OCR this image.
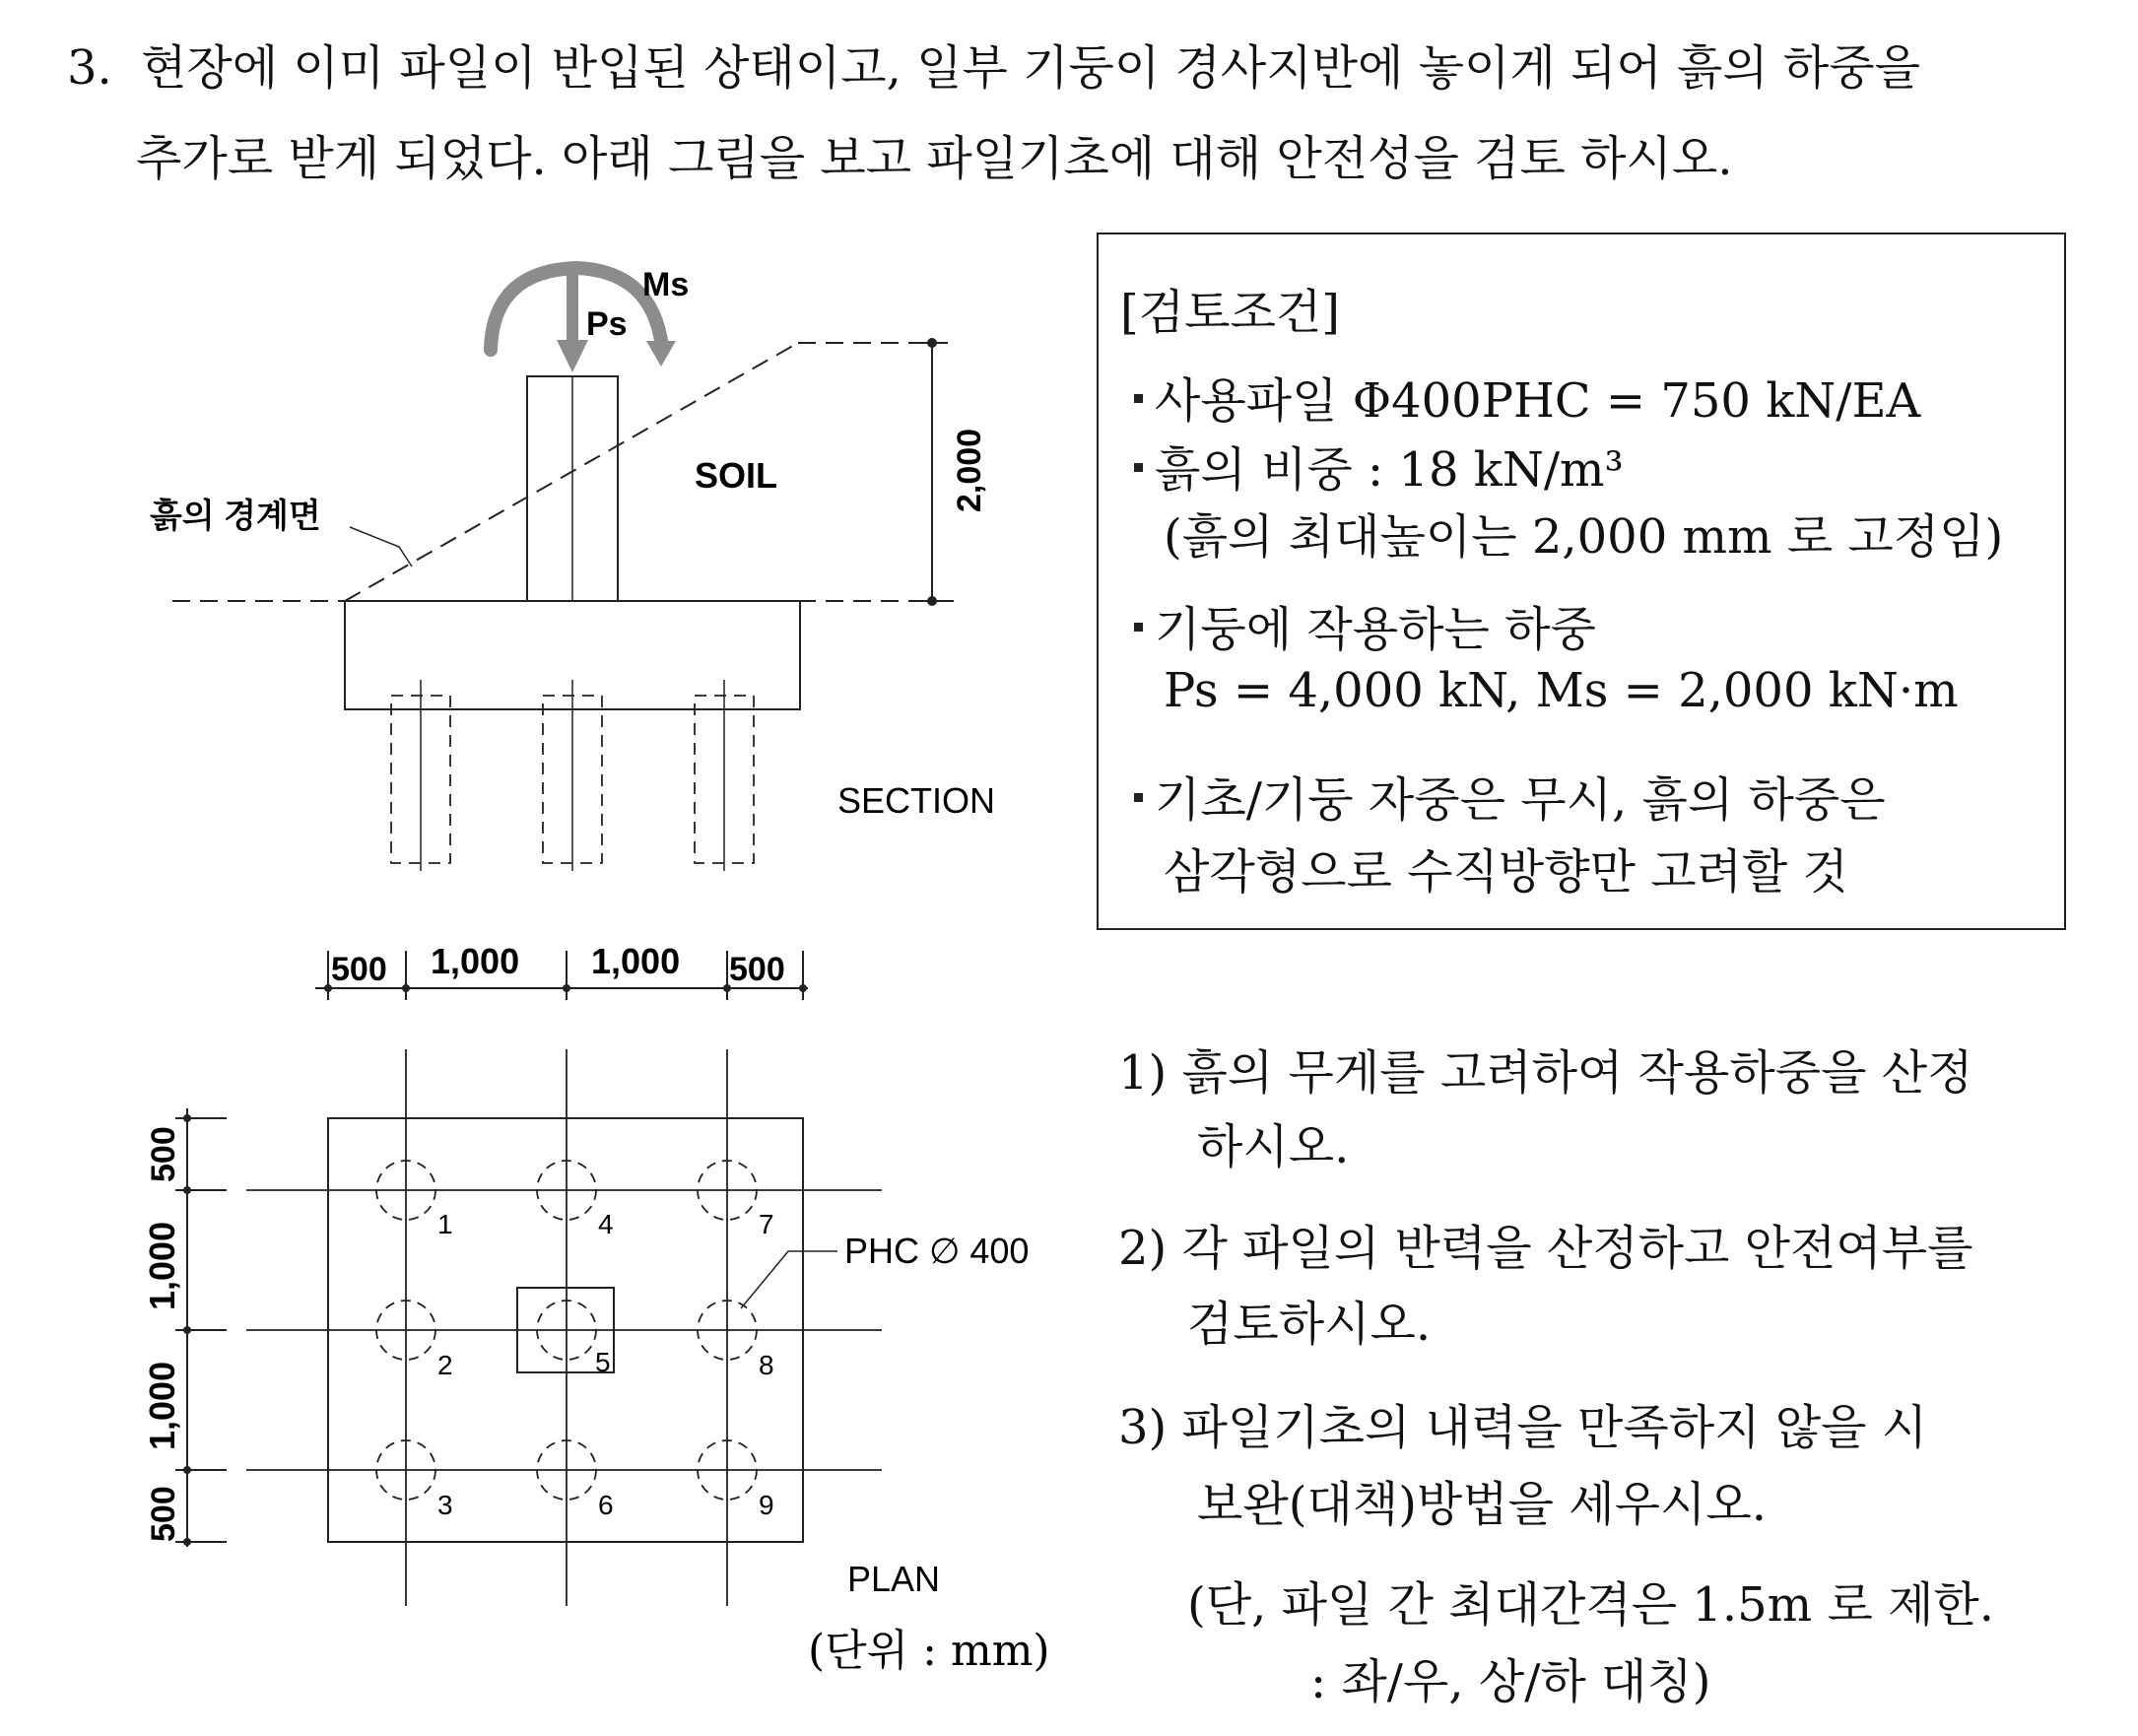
3. 현장에 이미 파일이 반입된 상태이고, 일부 기둥이 경사지반에 놓이게 되어 흙의 하중을
추가로 받게 되었다. 아래 그림을 보고 파일기초에 대해 안전성을 검토 하시오.
Ms
Ps
SOIL
흙의 경계면
2,000
SECTION
500 1,000 1,000 500
500
1,000
1,000
500
1
2
3
4
5
6
7
8
9
PHC ∅ 400
PLAN
(단위 : mm)
[검토조건]
사용파일 Φ400PHC = 750 kN/EA
흙의 비중 : 18 kN/m³
(흙의 최대높이는 2,000 mm 로 고정임)
기둥에 작용하는 하중
Ps = 4,000 kN, Ms = 2,000 kN·m
기초/기둥 자중은 무시, 흙의 하중은
삼각형으로 수직방향만 고려할 것
1) 흙의 무게를 고려하여 작용하중을 산정
하시오.
2) 각 파일의 반력을 산정하고 안전여부를
검토하시오.
3) 파일기초의 내력을 만족하지 않을 시
보완(대책)방법을 세우시오.
(단, 파일 간 최대간격은 1.5m 로 제한.
: 좌/우, 상/하 대칭)
